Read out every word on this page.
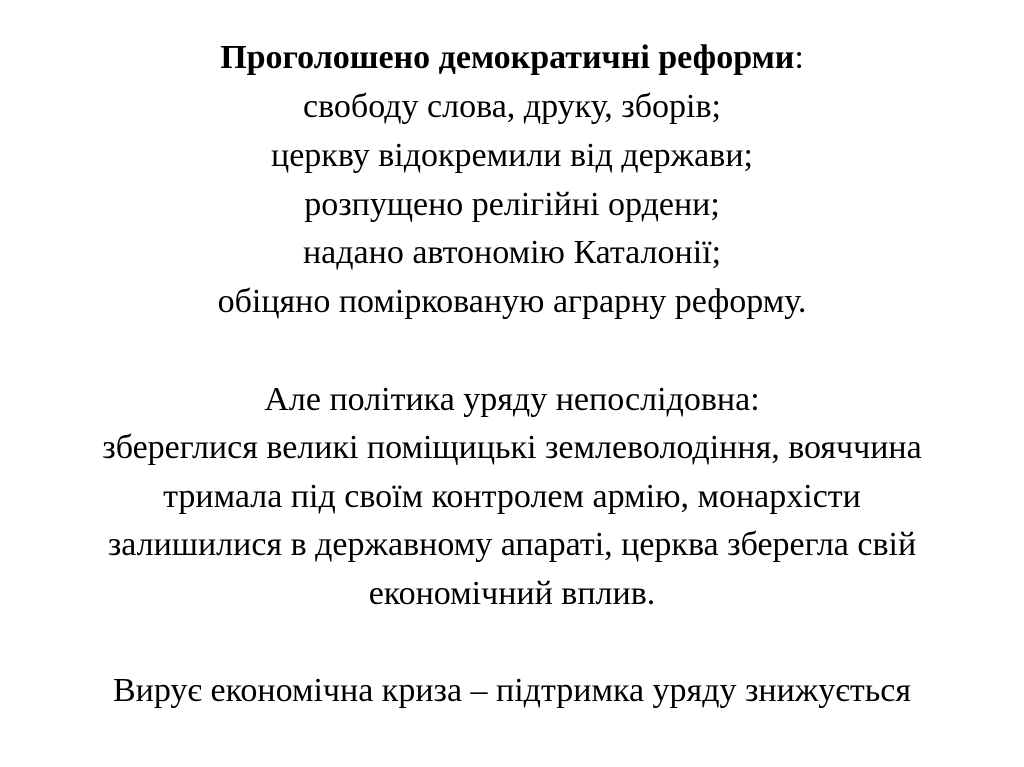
Проголошено демократичні реформи:
свободу слова, друку, зборів;
церкву відокремили від держави;
розпущено релігійні ордени;
надано автономію Каталонії;
обіцяно поміркованую аграрну реформу.
Але політика уряду непослідовна:
збереглися великі поміщицькі землеволодіння, вояччина
тримала під своїм контролем армію, монархісти
залишилися в державному апараті, церква зберегла свій
економічний вплив.
Вирує економічна криза – підтримка уряду знижується
